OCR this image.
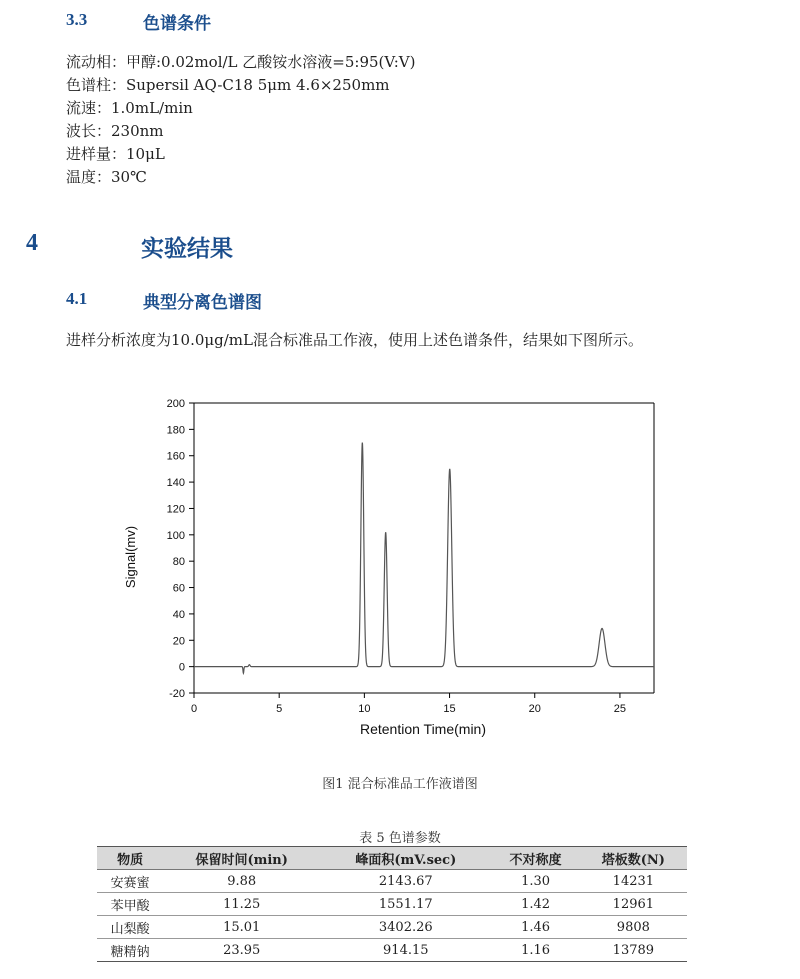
3.3	色谱条件
流动相：甲醇:0.02mol/L 乙酸铵水溶液=5:95(V:V)
色谱柱：Supersil AQ-C18 5μm 4.6×250mm
流速：1.0mL/min
波长：230nm
进样量：10μL
温度：30℃
4	实验结果
4.1	典型分离色谱图
进样分析浓度为10.0μg/mL混合标准品工作液，使用上述色谱条件，结果如下图所示。
Signal(mv)
Retention Time(min)
-20
0
20
40
60
80
100
120
140
160
180
200
0	5	10	15	20	25
图1 混合标准品工作液谱图
表 5 色谱参数
物质	保留时间(min)	峰面积(mV.sec)	不对称度	塔板数(N)
安赛蜜	9.88	2143.67	1.30	14231
苯甲酸	11.25	1551.17	1.42	12961
山梨酸	15.01	3402.26	1.46	9808
糖精钠	23.95	914.15	1.16	13789
